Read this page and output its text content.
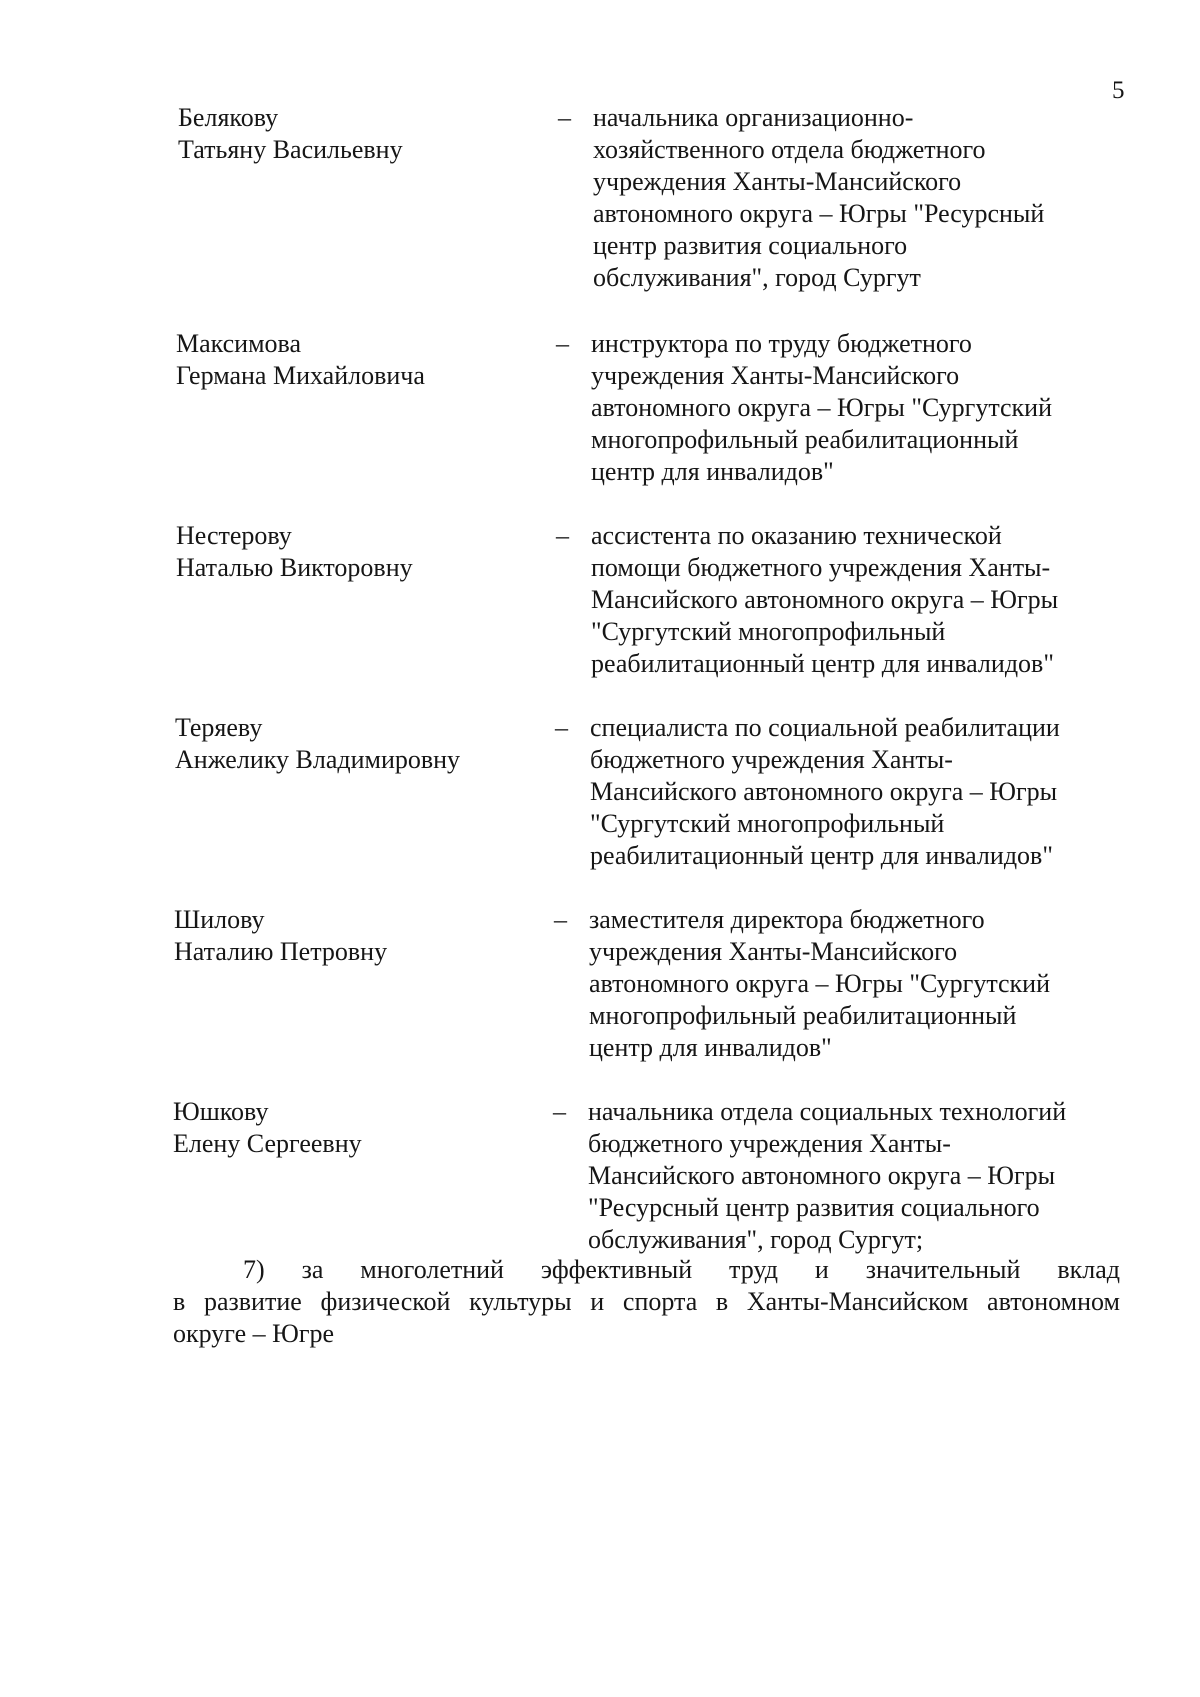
5
Белякову
Татьяну Васильевну
– начальника организационно-
хозяйственного отдела бюджетного
учреждения Ханты-Мансийского
автономного округа – Югры "Ресурсный
центр развития социального
обслуживания", город Сургут
Максимова
Германа Михайловича
– инструктора по труду бюджетного
учреждения Ханты-Мансийского
автономного округа – Югры "Сургутский
многопрофильный реабилитационный
центр для инвалидов"
Нестерову
Наталью Викторовну
– ассистента по оказанию технической
помощи бюджетного учреждения Ханты-
Мансийского автономного округа – Югры
"Сургутский многопрофильный
реабилитационный центр для инвалидов"
Теряеву
Анжелику Владимировну
– специалиста по социальной реабилитации
бюджетного учреждения Ханты-
Мансийского автономного округа – Югры
"Сургутский многопрофильный
реабилитационный центр для инвалидов"
Шилову
Наталию Петровну
– заместителя директора бюджетного
учреждения Ханты-Мансийского
автономного округа – Югры "Сургутский
многопрофильный реабилитационный
центр для инвалидов"
Юшкову
Елену Сергеевну
– начальника отдела социальных технологий
бюджетного учреждения Ханты-
Мансийского автономного округа – Югры
"Ресурсный центр развития социального
обслуживания", город Сургут;
7) за многолетний эффективный труд и значительный вклад
в развитие физической культуры и спорта в Ханты-Мансийском автономном
округе – Югре
